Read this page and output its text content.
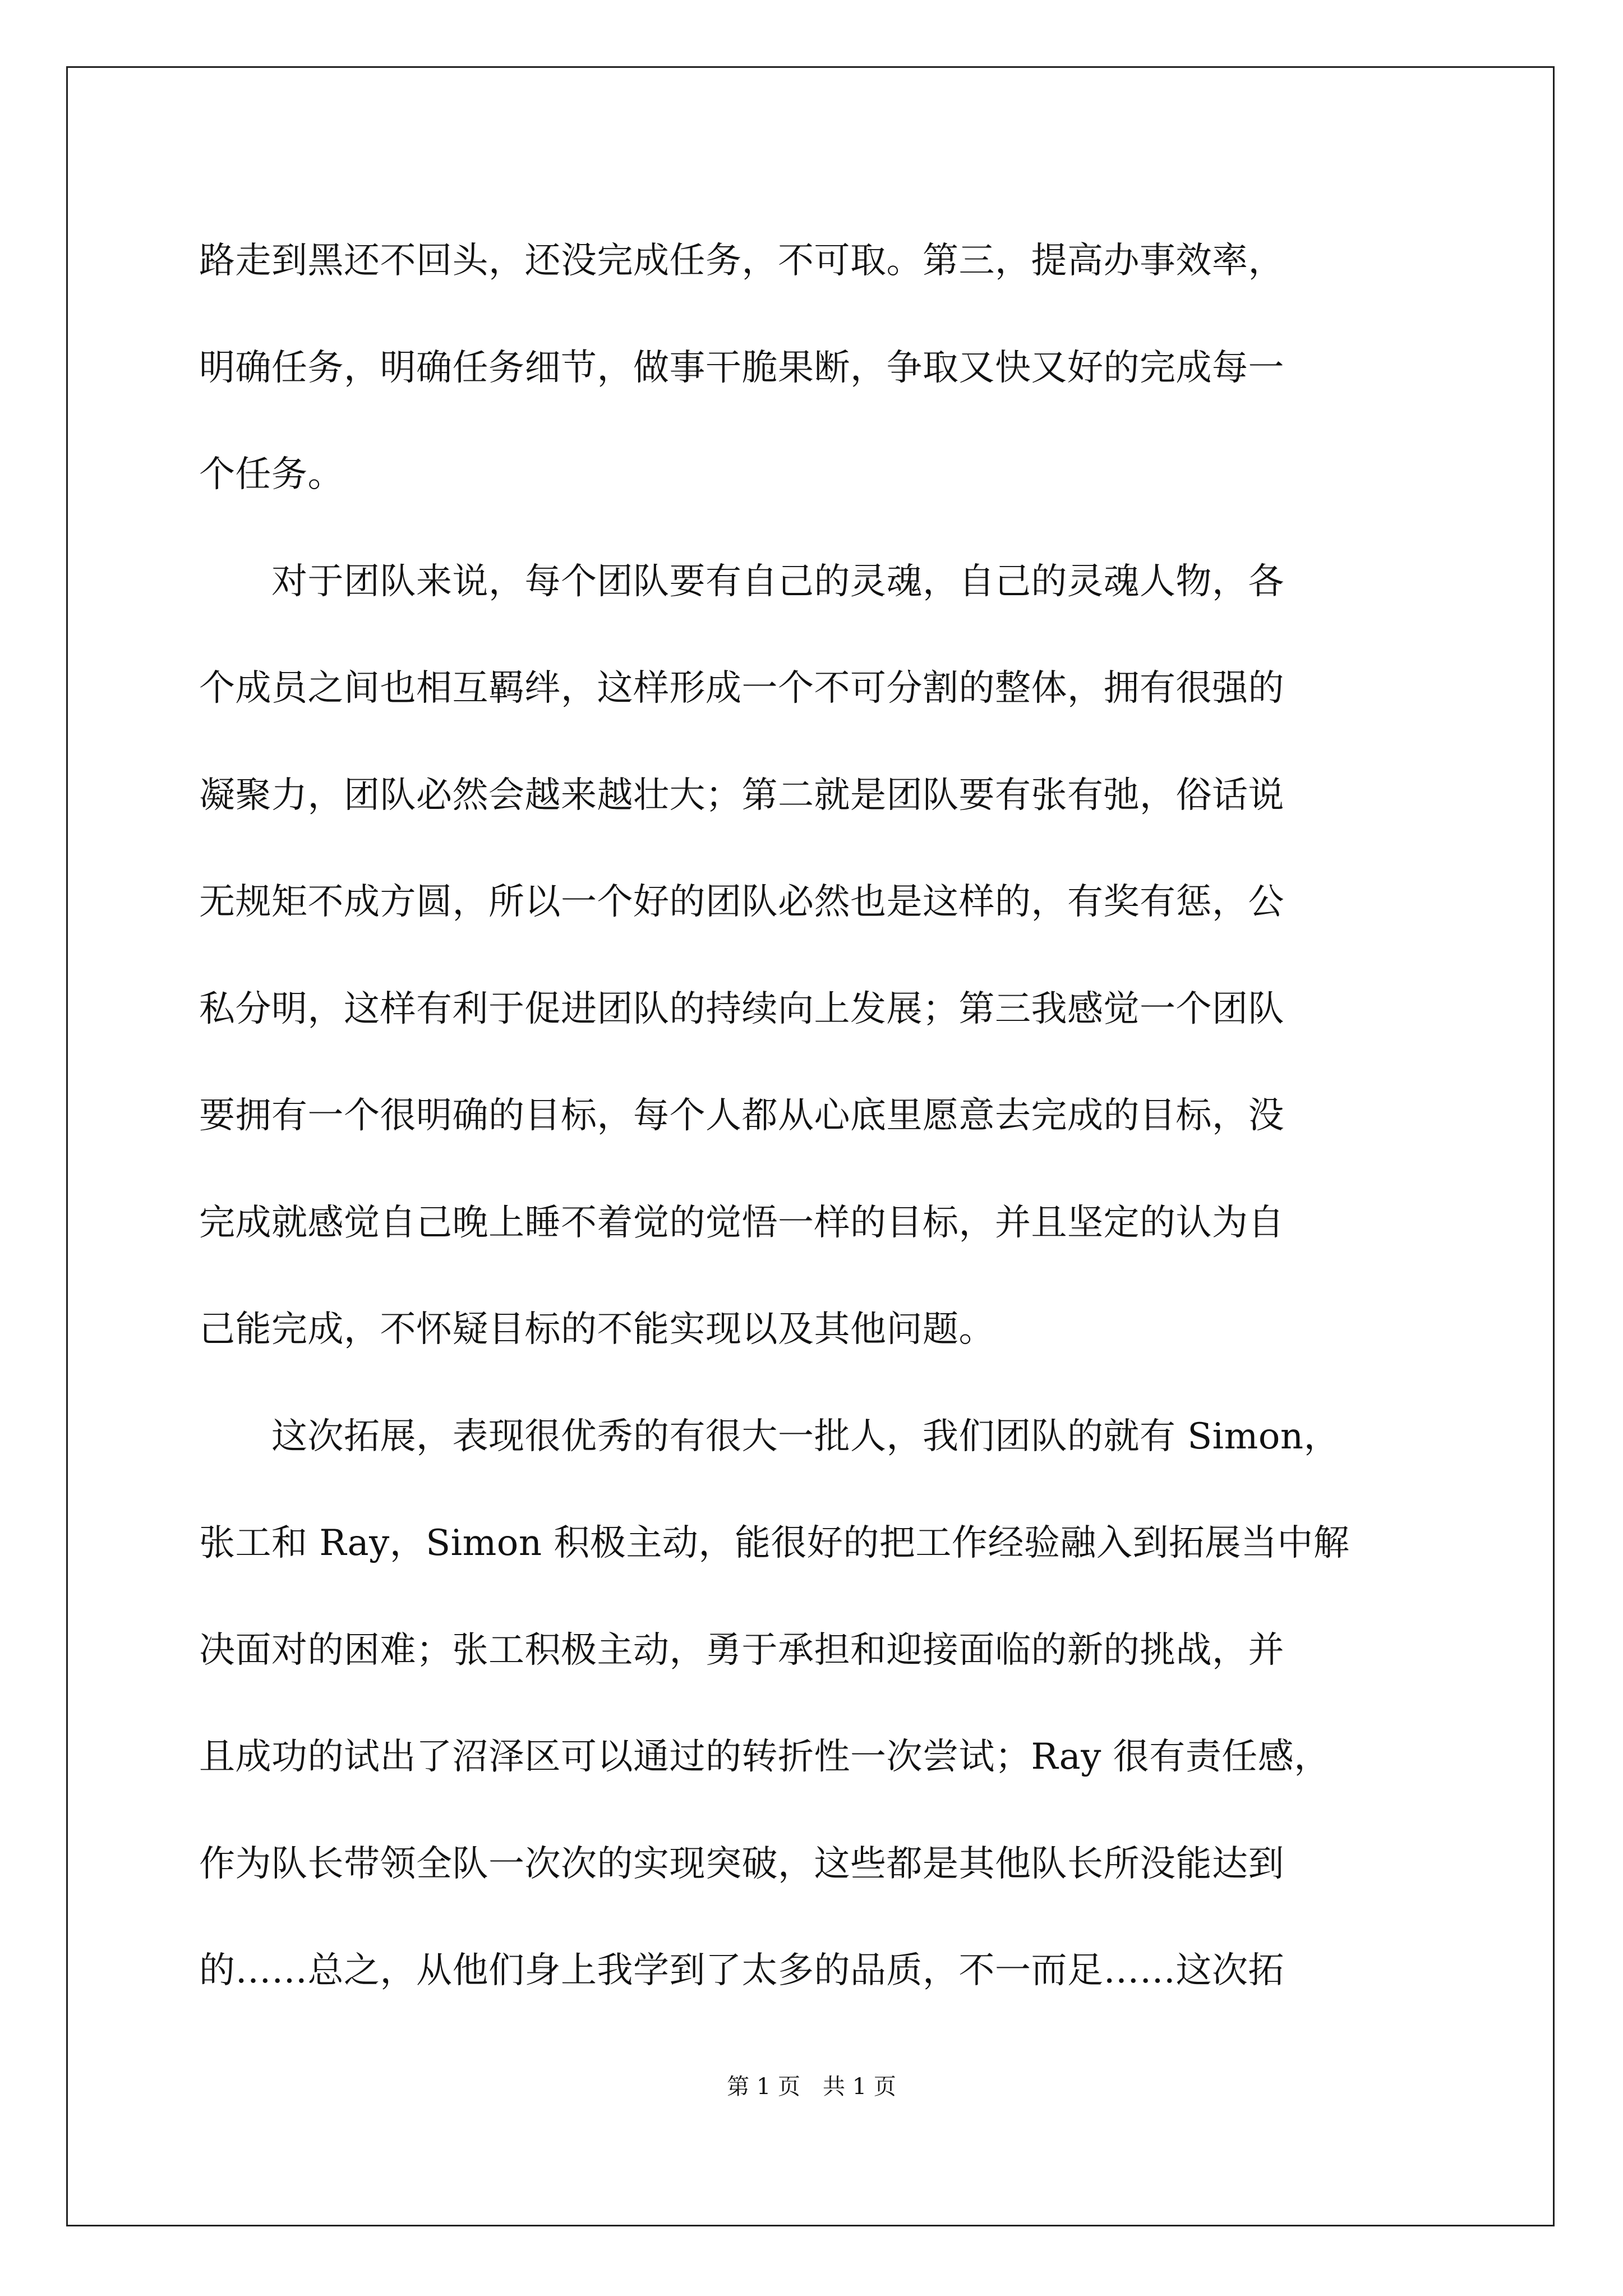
路走到黑还不回头，还没完成任务，不可取。第三，提高办事效率，
明确任务，明确任务细节，做事干脆果断，争取又快又好的完成每一
个任务。
　　对于团队来说，每个团队要有自己的灵魂，自己的灵魂人物，各
个成员之间也相互羁绊，这样形成一个不可分割的整体，拥有很强的
凝聚力，团队必然会越来越壮大；第二就是团队要有张有弛，俗话说
无规矩不成方圆，所以一个好的团队必然也是这样的，有奖有惩，公
私分明，这样有利于促进团队的持续向上发展；第三我感觉一个团队
要拥有一个很明确的目标，每个人都从心底里愿意去完成的目标，没
完成就感觉自己晚上睡不着觉的觉悟一样的目标，并且坚定的认为自
己能完成，不怀疑目标的不能实现以及其他问题。
　　这次拓展，表现很优秀的有很大一批人，我们团队的就有 Simon，
张工和 Ray，Simon 积极主动，能很好的把工作经验融入到拓展当中解
决面对的困难；张工积极主动，勇于承担和迎接面临的新的挑战，并
且成功的试出了沼泽区可以通过的转折性一次尝试；Ray 很有责任感，
作为队长带领全队一次次的实现突破，这些都是其他队长所没能达到
的……总之，从他们身上我学到了太多的品质，不一而足……这次拓
第 1 页　共 1 页
